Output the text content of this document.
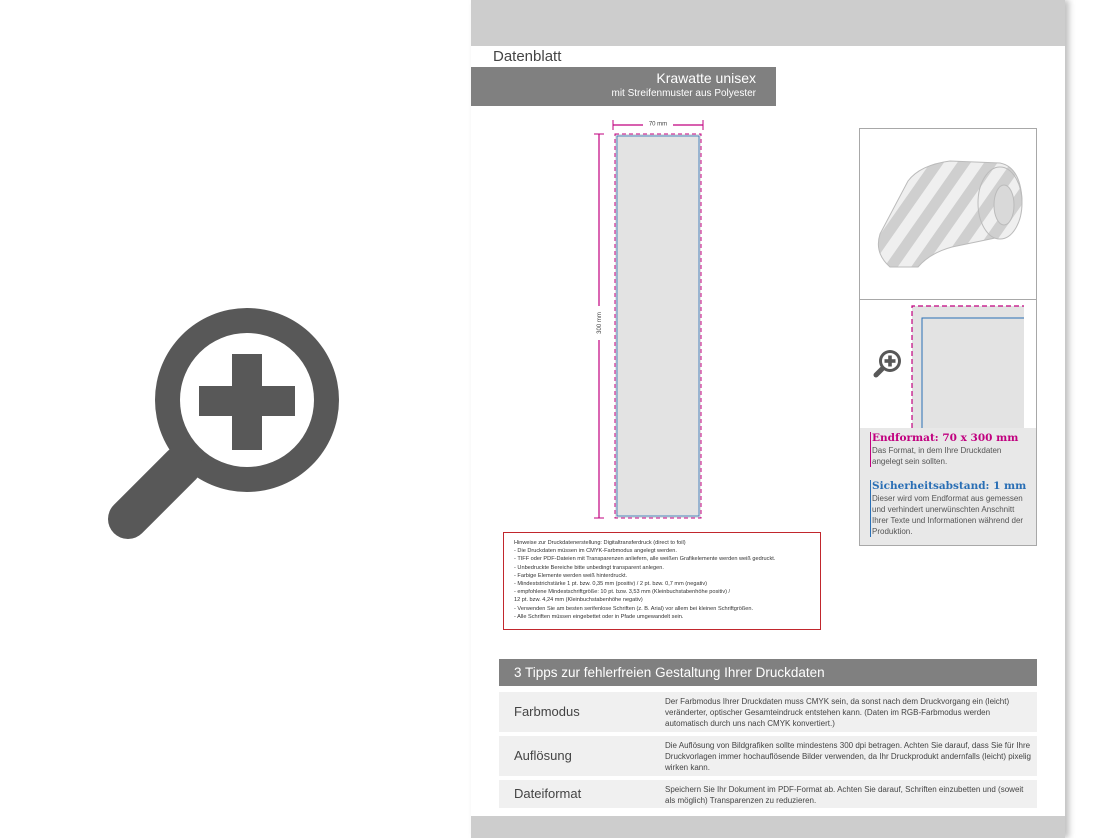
Datenblatt
Krawatte unisex
mit Streifenmuster aus Polyester
70 mm
300 mm
Endformat: 70 x 300 mm
Das Format, in dem Ihre Druckdaten angelegt sein sollten.
Sicherheitsabstand: 1 mm
Dieser wird vom Endformat aus gemessen und verhindert unerwünschten Anschnitt Ihrer Texte und Informationen während der Produktion.
Hinweise zur Druckdatenerstellung: Digitaltransferdruck (direct to foil)
- Die Druckdaten müssen im CMYK-Farbmodus angelegt werden.
- TIFF oder PDF-Dateien mit Transparenzen anliefern, alle weißen Grafikelemente werden weiß gedruckt.
- Unbedruckte Bereiche bitte unbedingt transparent anlegen.
- Farbige Elemente werden weiß hinterdruckt.
- Mindeststrichstärke 1 pt. bzw. 0,35 mm (positiv) / 2 pt. bzw. 0,7 mm (negativ)
- empfohlene Mindestschriftgröße: 10 pt. bzw. 3,53 mm (Kleinbuchstabenhöhe positiv) /
12 pt. bzw. 4,24 mm (Kleinbuchstabenhöhe negativ)
- Verwenden Sie am besten serifenlose Schriften (z. B. Arial) vor allem bei kleinen Schriftgrößen.
- Alle Schriften müssen eingebettet oder in Pfade umgewandelt sein.
3 Tipps zur fehlerfreien Gestaltung Ihrer Druckdaten
Farbmodus
Der Farbmodus Ihrer Druckdaten muss CMYK sein, da sonst nach dem Druckvorgang ein (leicht) veränderter, optischer Gesamteindruck entstehen kann. (Daten im RGB-Farbmodus werden automatisch durch uns nach CMYK konvertiert.)
Auflösung
Die Auflösung von Bildgrafiken sollte mindestens 300 dpi betragen. Achten Sie darauf, dass Sie für Ihre Druckvorlagen immer hochauflösende Bilder verwenden, da Ihr Druckprodukt andernfalls (leicht) pixelig wirken kann.
Dateiformat	Speichern Sie Ihr Dokument im PDF-Format ab. Achten Sie darauf, Schriften einzubetten und (soweit als möglich) Transparenzen zu reduzieren.
